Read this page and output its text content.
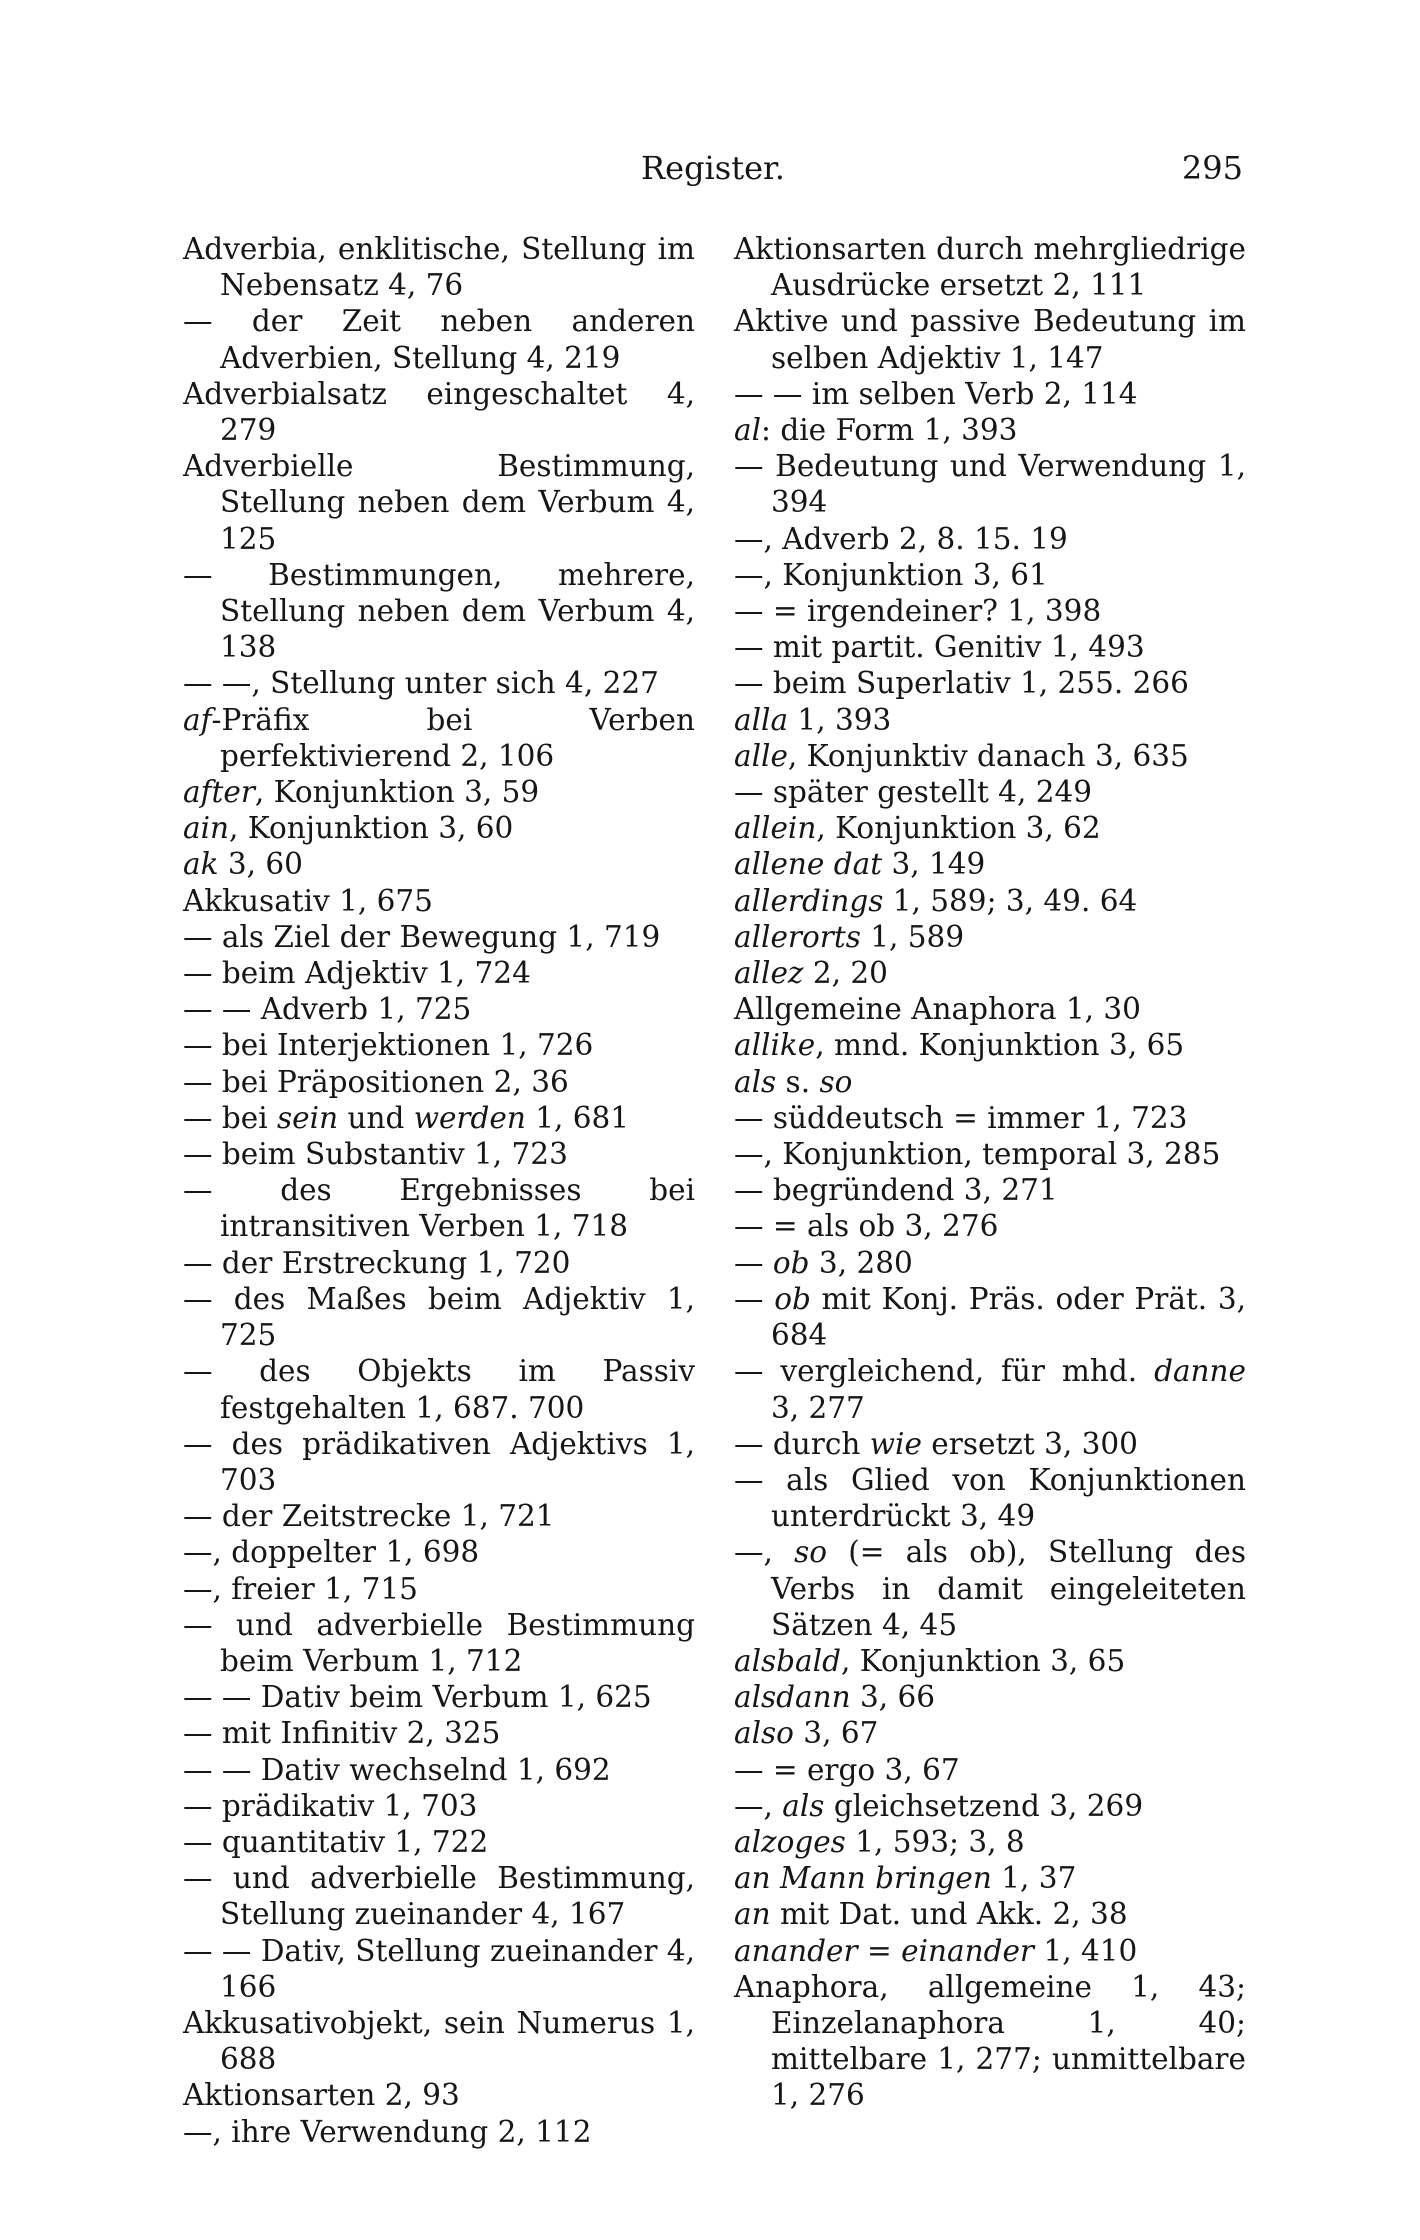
Register.	295

Adverbia, enklitische, Stellung im Nebensatz 4, 76

— der Zeit neben anderen Adverbien, Stellung 4, 219

Adverbialsatz eingeschaltet 4, 279

Adverbielle Bestimmung, Stellung neben dem Verbum 4, 125

— Bestimmungen, mehrere, Stellung neben dem Verbum 4, 138

— —, Stellung unter sich 4, 227

af-Präfix bei Verben perfektivierend 2, 106

after, Konjunktion 3, 59

ain, Konjunktion 3, 60

ak 3, 60

Akkusativ 1, 675

— als Ziel der Bewegung 1, 719

— beim Adjektiv 1, 724

— — Adverb 1, 725

— bei Interjektionen 1, 726

— bei Präpositionen 2, 36

— bei sein und werden 1, 681

— beim Substantiv 1, 723

— des Ergebnisses bei intransitiven Verben 1, 718

— der Erstreckung 1, 720

— des Maßes beim Adjektiv 1, 725

— des Objekts im Passiv festgehalten 1, 687. 700

— des prädikativen Adjektivs 1, 703

— der Zeitstrecke 1, 721

—, doppelter 1, 698

—, freier 1, 715

— und adverbielle Bestimmung beim Verbum 1, 712

— — Dativ beim Verbum 1, 625

— mit Infinitiv 2, 325

— — Dativ wechselnd 1, 692

— prädikativ 1, 703

— quantitativ 1, 722

— und adverbielle Bestimmung, Stellung zueinander 4, 167

— — Dativ, Stellung zueinander 4, 166

Akkusativobjekt, sein Numerus 1, 688

Aktionsarten 2, 93

—, ihre Verwendung 2, 112

Aktionsarten durch mehrgliedrige Ausdrücke ersetzt 2, 111

Aktive und passive Bedeutung im selben Adjektiv 1, 147

— — im selben Verb 2, 114

al: die Form 1, 393

— Bedeutung und Verwendung 1, 394

—, Adverb 2, 8. 15. 19

—, Konjunktion 3, 61

— = irgendeiner? 1, 398

— mit partit. Genitiv 1, 493

— beim Superlativ 1, 255. 266

alla 1, 393

alle, Konjunktiv danach 3, 635

— später gestellt 4, 249

allein, Konjunktion 3, 62

allene dat 3, 149

allerdings 1, 589; 3, 49. 64

allerorts 1, 589

allez 2, 20

Allgemeine Anaphora 1, 30

allike, mnd. Konjunktion 3, 65

als s. so

— süddeutsch = immer 1, 723

—, Konjunktion, temporal 3, 285

— begründend 3, 271

— = als ob 3, 276

— ob 3, 280

— ob mit Konj. Präs. oder Prät. 3, 684

— vergleichend, für mhd. danne 3, 277

— durch wie ersetzt 3, 300

— als Glied von Konjunktionen unterdrückt 3, 49

—, so (= als ob), Stellung des Verbs in damit eingeleiteten Sätzen 4, 45

alsbald, Konjunktion 3, 65

alsdann 3, 66

also 3, 67

— = ergo 3, 67

—, als gleichsetzend 3, 269

alzoges 1, 593; 3, 8

an Mann bringen 1, 37

an mit Dat. und Akk. 2, 38

anander = einander 1, 410

Anaphora, allgemeine 1, 43; Einzelanaphora 1, 40; mittelbare 1, 277; unmittelbare 1, 276
